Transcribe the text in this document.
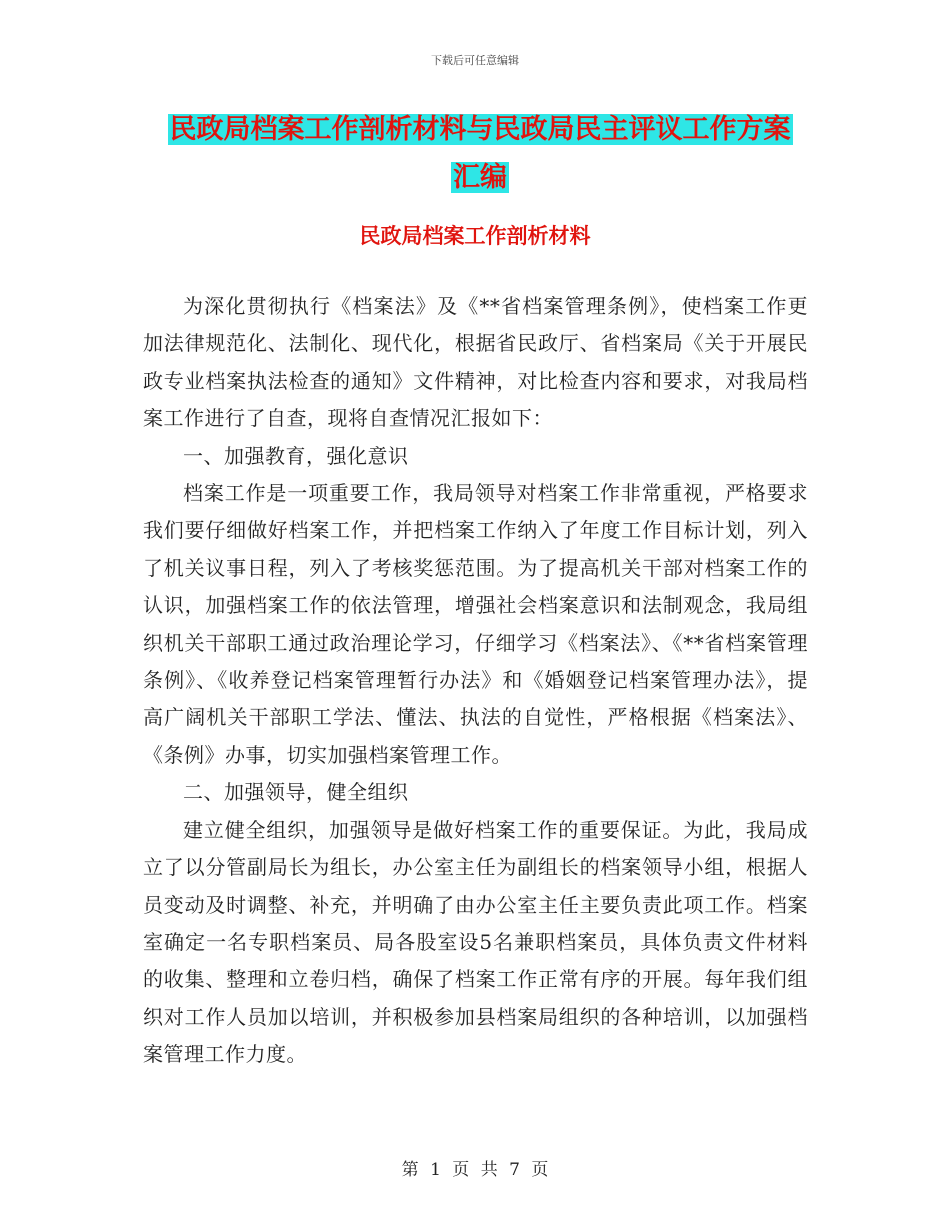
下载后可任意编辑
民政局档案工作剖析材料与民政局民主评议工作方案
汇编
民政局档案工作剖析材料

为深化贯彻执行《档案法》及《**省档案管理条例》，使档案工作更加法律规范化、法制化、现代化，根据省民政厅、省档案局《关于开展民政专业档案执法检查的通知》文件精神，对比检查内容和要求，对我局档案工作进行了自查，现将自查情况汇报如下：

一、加强教育，强化意识

档案工作是一项重要工作，我局领导对档案工作非常重视，严格要求我们要仔细做好档案工作，并把档案工作纳入了年度工作目标计划，列入了机关议事日程，列入了考核奖惩范围。为了提高机关干部对档案工作的认识，加强档案工作的依法管理，增强社会档案意识和法制观念，我局组织机关干部职工通过政治理论学习，仔细学习《档案法》、《**省档案管理条例》、《收养登记档案管理暂行办法》和《婚姻登记档案管理办法》，提高广阔机关干部职工学法、懂法、执法的自觉性，严格根据《档案法》、《条例》办事，切实加强档案管理工作。

二、加强领导，健全组织

建立健全组织，加强领导是做好档案工作的重要保证。为此，我局成立了以分管副局长为组长，办公室主任为副组长的档案领导小组，根据人员变动及时调整、补充，并明确了由办公室主任主要负责此项工作。档案室确定一名专职档案员、局各股室设5名兼职档案员，具体负责文件材料的收集、整理和立卷归档，确保了档案工作正常有序的开展。每年我们组织对工作人员加以培训，并积极参加县档案局组织的各种培训，以加强档案管理工作力度。

第 1 页 共 7 页
